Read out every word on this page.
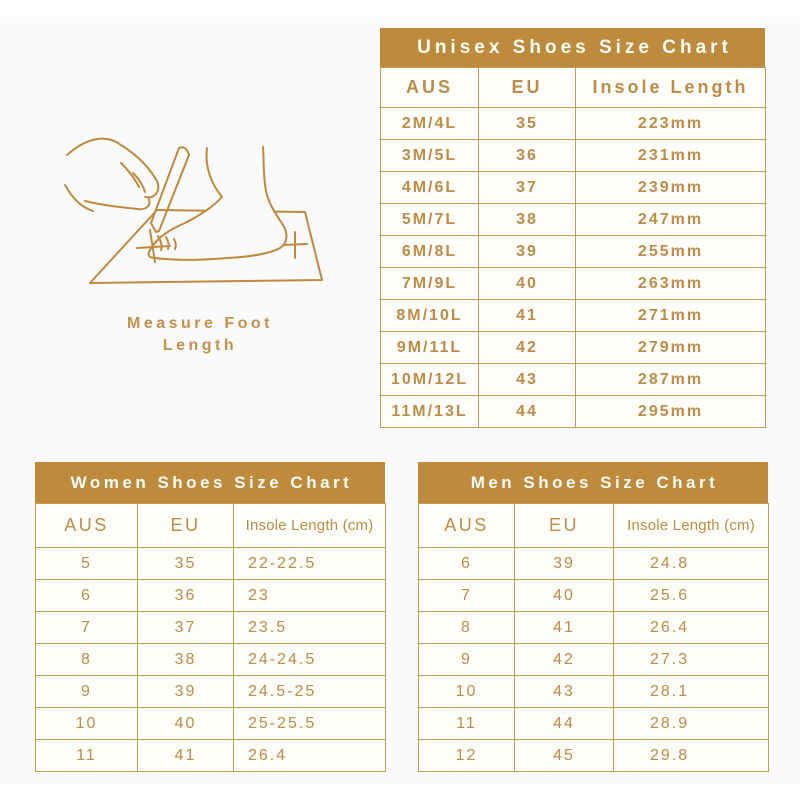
Measure Foot
Length
Unisex Shoes Size Chart
AUS	EU	Insole Length
2M/4L	35	223mm
3M/5L	36	231mm
4M/6L	37	239mm
5M/7L	38	247mm
6M/8L	39	255mm
7M/9L	40	263mm
8M/10L	41	271mm
9M/11L	42	279mm
10M/12L	43	287mm
11M/13L	44	295mm
Women Shoes Size Chart
AUS	EU	Insole Length (cm)
5	35	22-22.5
6	36	23
7	37	23.5
8	38	24-24.5
9	39	24.5-25
10	40	25-25.5
11	41	26.4
Men Shoes Size Chart
AUS	EU	Insole Length (cm)
6	39	24.8
7	40	25.6
8	41	26.4
9	42	27.3
10	43	28.1
11	44	28.9
12	45	29.8
